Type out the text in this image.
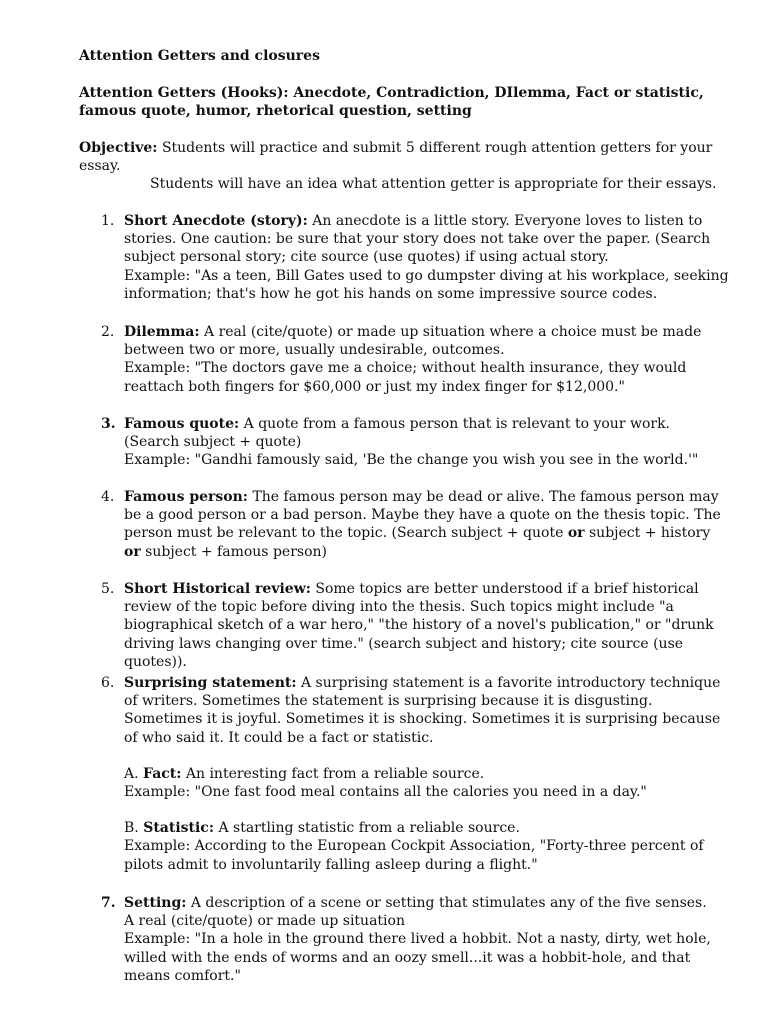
Attention Getters and closures
Attention Getters (Hooks): Anecdote, Contradiction, DIlemma, Fact or statistic, famous quote, humor, rhetorical question, setting
Objective: Students will practice and submit 5 different rough attention getters for your essay.
Students will have an idea what attention getter is appropriate for their essays.
1. Short Anecdote (story): An anecdote is a little story. Everyone loves to listen to stories. One caution: be sure that your story does not take over the paper. (Search subject personal story; cite source (use quotes) if using actual story.
Example: "As a teen, Bill Gates used to go dumpster diving at his workplace, seeking information; that's how he got his hands on some impressive source codes.
2. Dilemma: A real (cite/quote) or made up situation where a choice must be made between two or more, usually undesirable, outcomes.
Example: "The doctors gave me a choice; without health insurance, they would reattach both fingers for $60,000 or just my index finger for $12,000."
3. Famous quote: A quote from a famous person that is relevant to your work.
(Search subject + quote)
Example: "Gandhi famously said, 'Be the change you wish you see in the world.'"
4. Famous person: The famous person may be dead or alive. The famous person may be a good person or a bad person. Maybe they have a quote on the thesis topic. The person must be relevant to the topic. (Search subject + quote or subject + history or subject + famous person)
5. Short Historical review: Some topics are better understood if a brief historical review of the topic before diving into the thesis. Such topics might include "a biographical sketch of a war hero," "the history of a novel's publication," or "drunk driving laws changing over time." (search subject and history; cite source (use quotes)).
6. Surprising statement: A surprising statement is a favorite introductory technique of writers. Sometimes the statement is surprising because it is disgusting. Sometimes it is joyful. Sometimes it is shocking. Sometimes it is surprising because of who said it. It could be a fact or statistic.
A. Fact: An interesting fact from a reliable source.
Example: "One fast food meal contains all the calories you need in a day."
B. Statistic: A startling statistic from a reliable source.
Example: According to the European Cockpit Association, "Forty-three percent of pilots admit to involuntarily falling asleep during a flight."
7. Setting: A description of a scene or setting that stimulates any of the five senses.
A real (cite/quote) or made up situation
Example: "In a hole in the ground there lived a hobbit. Not a nasty, dirty, wet hole, willed with the ends of worms and an oozy smell...it was a hobbit-hole, and that means comfort."
